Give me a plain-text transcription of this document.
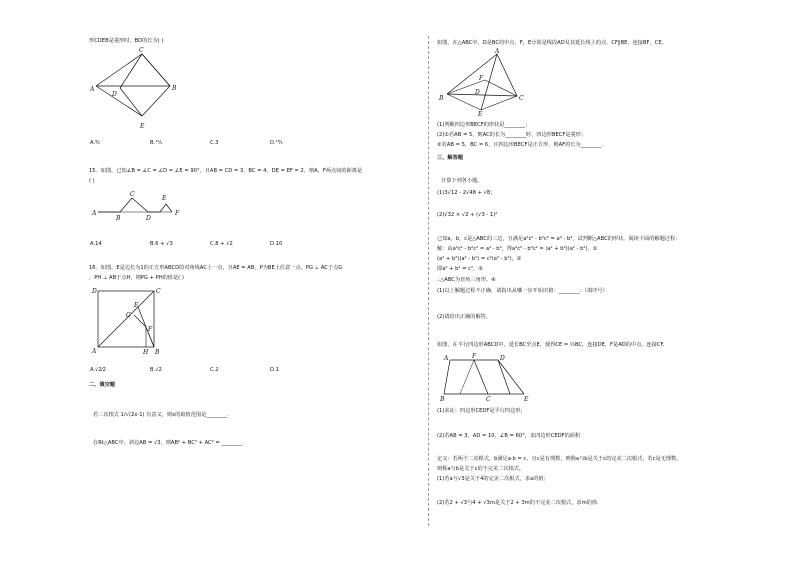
形CDEB是菱形时，BD的长为( )
C
A
D
B
E
A.⁹⁄₅	B.¹²⁄₅	C.3	D.¹⁸⁄₅
15．如图，已知∠B = ∠C = ∠D = ∠E = 90°，且AB = CD = 3，BC = 4，DE = EF = 2，则A，F两点间的距离是
( )
B
C
D
E
A	F
A.14	B.6 + √3	C.8 + √2	D.10
16．如图，E是边长为1的正方形ABCD的对角线AC上一点，且AE = AB，P为BE上任意一点，PG ⊥ AC于点G
，PH ⊥ AB于点H，则PG + PH的值是( )
D	C
E
G
F
A	H B
A.√2⁄2	B.√2	C.2	D.1
二、填空题
若二次根式 1/√(2x-1) 有意义，则x的取值范围是________.
在Rt△ABC中，斜边AB = √3，则AB² + BC² + AC² = ________.
如图，在△ABC中，D是BC的中点，F，E分别是线段AD及其延长线上的点，CF∥BE，连接BF，CE。
A
F
B
D
C
E
(1)判断四边形BECF的形状是________；
(2)①若AB = 5，则AC的长为________时，四边形BECF是菱形；
②若AB = 5，BC = 6，且四边形BECF是正方形，则AF的长为________.
三、解答题
计算下列各小题。
(1)3√12 - 2√48 + √8；
(2)√32 × √2 + (√3 - 1)²
已知a，b，c是△ABC的三边，且满足a²c² - b²c² = a⁴ - b⁴，试判断△ABC的形状。阅读下面的解题过程：
解：由a²c² - b²c² = a⁴ - b⁴，得a²c² - b²c² = (a² + b²)(a² - b²)，①
(a² + b²)(a² - b²) = c²(a² - b²)，②
即a² + b² = c²，③
∴△ABC为直角三角形。④
(1)以上解题过程不正确，请指出从哪一步开始出错：________；（填序号）
(2)请给出正确的解答。
如图，在平行四边形ABCD中，延长BC至点E，使得CE = ½BC，连接DE，F是AD的中点，连接CF.
A	F	D
B	C	E
(1)求证：四边形CEDF是平行四边形；
(2)若AB = 3，AD = 10，∠B = 60°，求四边形CEDF的面积
定义：若两个二次根式，b满足a·b = c，且c是有理数，则称a与b是关于c的完美二次根式；若c是无理数，
则称a与b是关于c的不完美二次根式。
(1)若a与√3是关于4的完美二次根式，求a的值；
(2)若2 + √3与4 + √3m是关于2 + 3m的不完美二次根式，求m的值.
